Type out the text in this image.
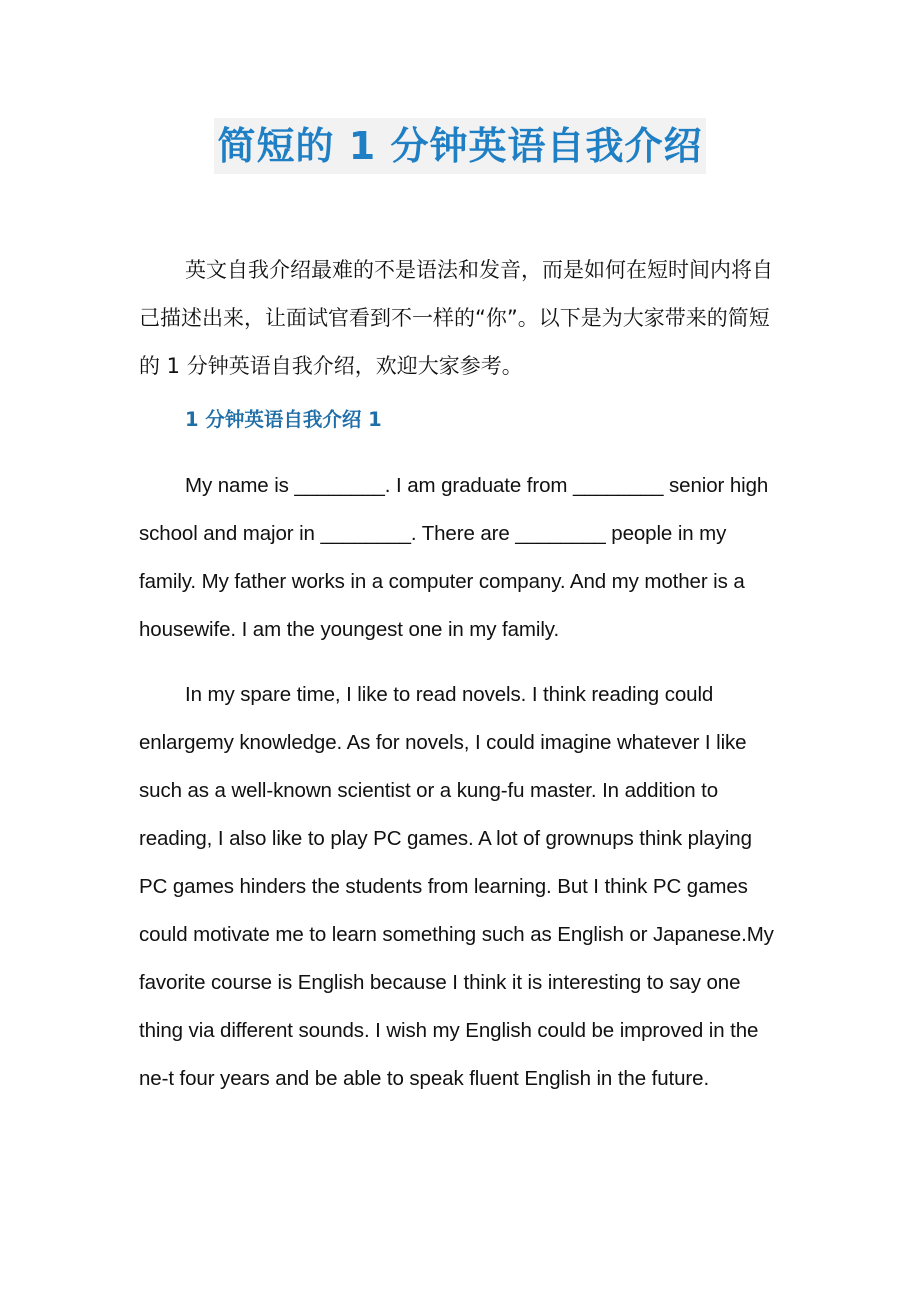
简短的 1 分钟英语自我介绍

英文自我介绍最难的不是语法和发音，而是如何在短时间内将自己描述出来，让面试官看到不一样的“你”。以下是为大家带来的简短的 1 分钟英语自我介绍，欢迎大家参考。

1 分钟英语自我介绍 1

My name is ________. I am graduate from ________ senior high school and major in ________. There are ________ people in my family. My father works in a computer company. And my mother is a housewife. I am the youngest one in my family.

In my spare time, I like to read novels. I think reading could enlargemy knowledge. As for novels, I could imagine whatever I like such as a well-known scientist or a kung-fu master. In addition to reading, I also like to play PC games. A lot of grownups think playing PC games hinders the students from learning. But I think PC games could motivate me to learn something such as English or Japanese.My favorite course is English because I think it is interesting to say one thing via different sounds. I wish my English could be improved in the ne-t four years and be able to speak fluent English in the future.
